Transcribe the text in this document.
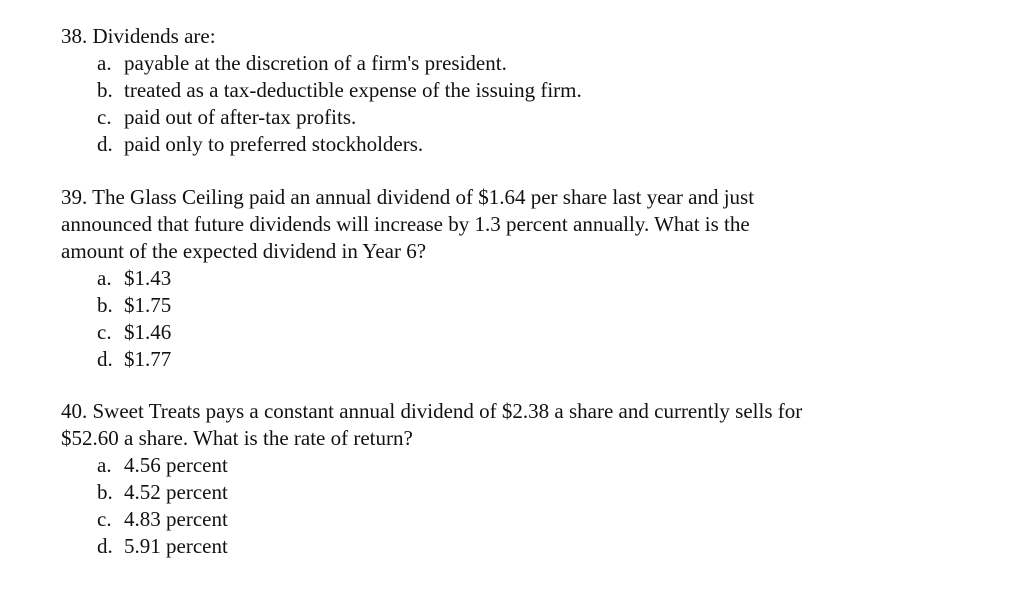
38. Dividends are:

a. payable at the discretion of a firm's president.
b. treated as a tax-deductible expense of the issuing firm.
c. paid out of after-tax profits.
d. paid only to preferred stockholders.

39. The Glass Ceiling paid an annual dividend of $1.64 per share last year and just
announced that future dividends will increase by 1.3 percent annually. What is the
amount of the expected dividend in Year 6?

a. $1.43
b. $1.75
c. $1.46
d. $1.77

40. Sweet Treats pays a constant annual dividend of $2.38 a share and currently sells for
$52.60 a share. What is the rate of return?

a. 4.56 percent
b. 4.52 percent
c. 4.83 percent
d. 5.91 percent
